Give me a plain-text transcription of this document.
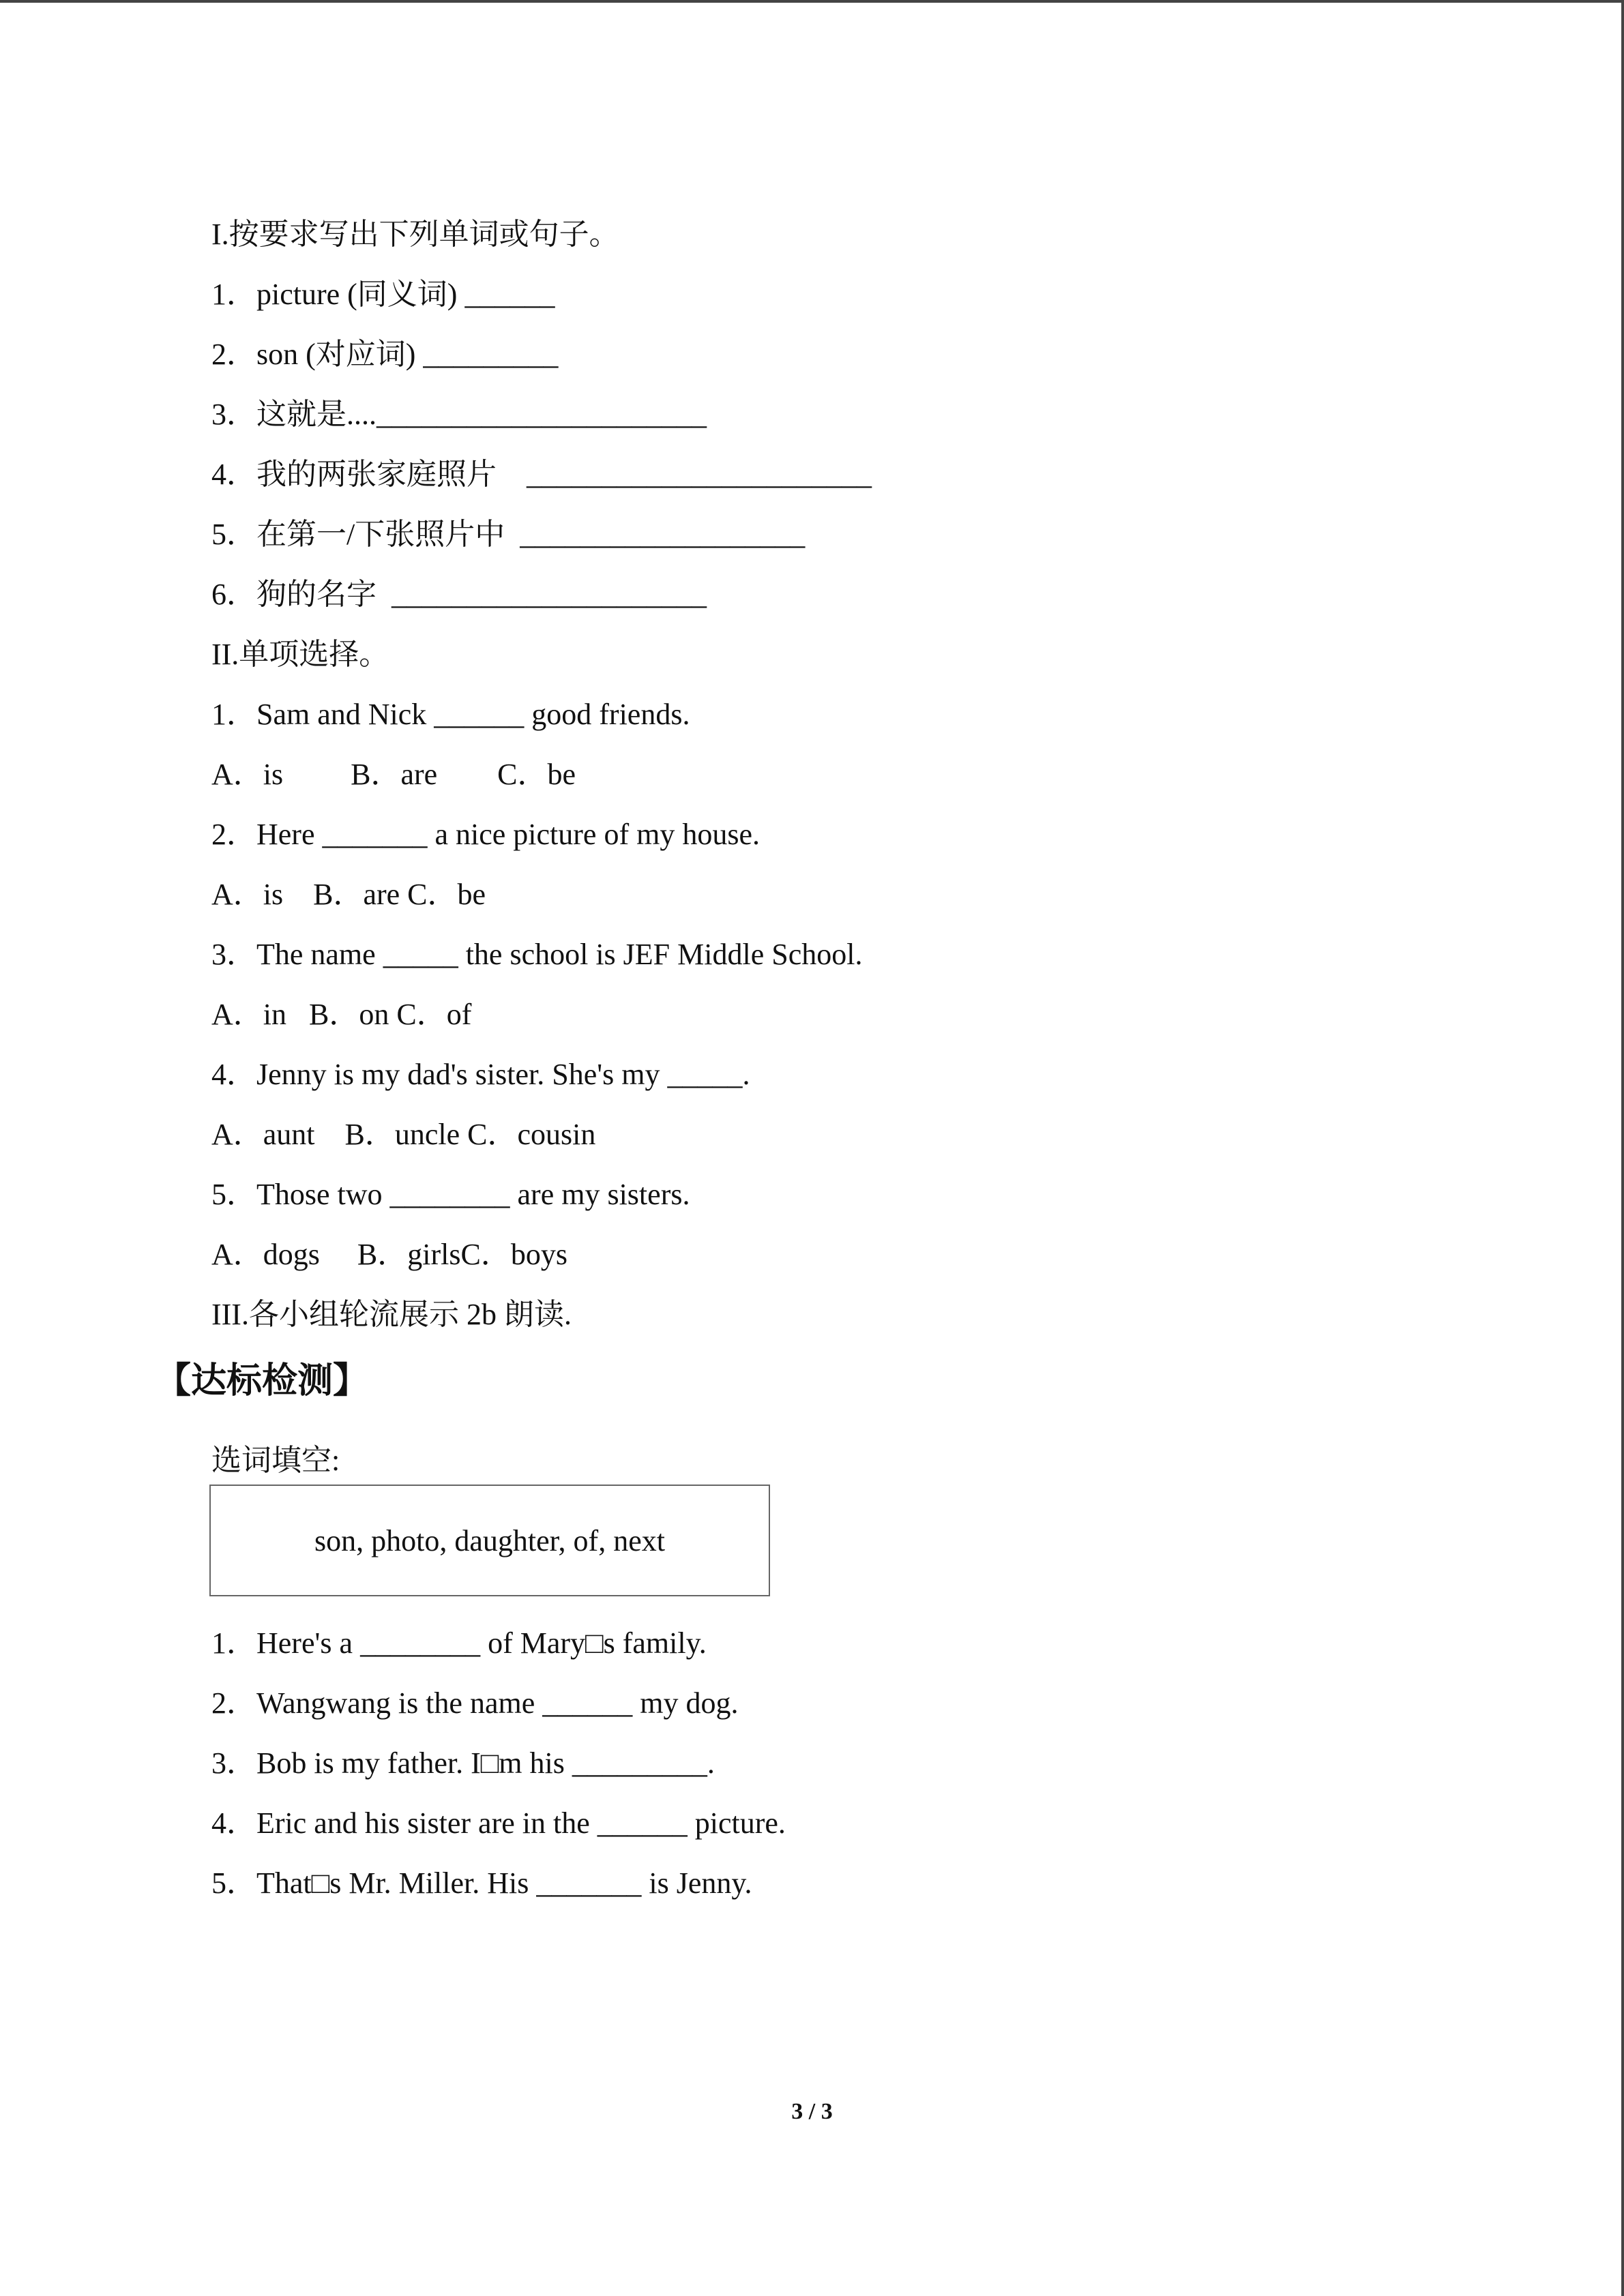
I.按要求写出下列单词或句子。
1．picture (同义词) ______
2．son (对应词) _________
3．这就是....______________________
4．我的两张家庭照片    _______________________
5．在第一/下张照片中  ___________________
6．狗的名字  _____________________
II.单项选择。
1．Sam and Nick ______ good friends.
A．is         B．are        C．be
2．Here _______ a nice picture of my house.
A．is    B．are C．be
3．The name _____ the school is JEF Middle School.
A．in   B．on C．of
4．Jenny is my dad's sister. She's my _____.
A．aunt    B．uncle C．cousin
5．Those two ________ are my sisters.
A．dogs     B．girlsC．boys
III.各小组轮流展示 2b 朗读.
【达标检测】
选词填空:
son, photo, daughter, of, next
1．Here's a ________ of Mary□s family.
2．Wangwang is the name ______ my dog.
3．Bob is my father. I□m his _________.
4．Eric and his sister are in the ______ picture.
5．That□s Mr. Miller. His _______ is Jenny.
3 / 3
